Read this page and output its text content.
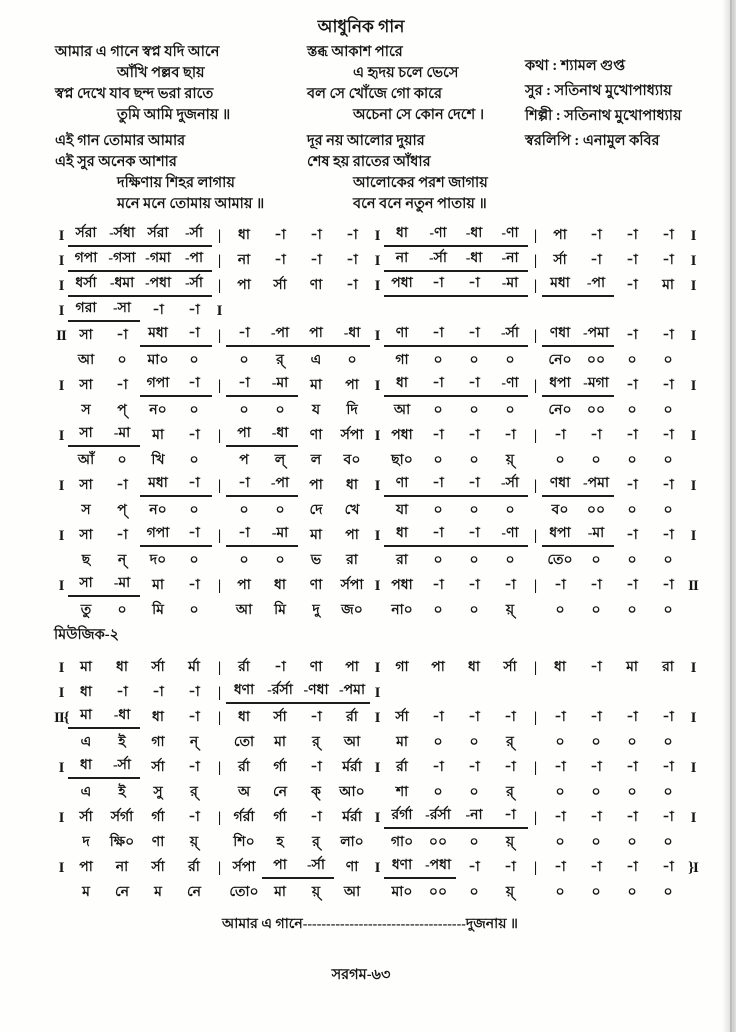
আধুনিক গান
আমার এ গানে স্বপ্ন যদি আনে
আঁখি পল্লব ছায়
স্বপ্ন দেখে যাব ছন্দ ভরা রাতে
তুমি আমি দুজনায় ॥
এই গান তোমার আমার
এই সুর অনেক আশার
দক্ষিণায় শিহর লাগায়
মনে মনে তোমায় আমায় ॥
স্তব্ধ আকাশ পারে
এ হৃদয় চলে ভেসে
বল সে খোঁজে গো কারে
অচেনা সে কোন দেশে ।
দূর নয় আলোর দুয়ার
শেষ হয় রাতের আঁধার
আলোকের পরশ জাগায়
বনে বনে নতুন পাতায় ॥
কথা : শ্যামল গুপ্ত
সুর : সতিনাথ মুখোপাধ্যায়
শিল্পী : সতিনাথ মুখোপাধ্যায়
স্বরলিপি : এনামুল কবির
I র্সরা -র্সধা র্সরা	-র্সা |	ধা	-া	-া	-া	I	ধা	-ণা	-ধা	-ণা	|	পা	-া	-া	-া	I
I গপা -গসা -গমা	-পা |	না	-া	-া	-া	I	না	-র্সা	-ধা	-না	|	র্সা	-া	-া	-া	I
I ধর্সা -ধমা -পধা -র্সা |	পা	র্সা	ণা	-া	I পধা	-া	-া	-মা	|	মধা	-পা	-া	মা	I
I গরা	-সা	-া	-া	I
II সা	-া	মধা	-া	|	-া	-পা	পা	-ধা I	ণা	-া	-া	-র্সা | ণধা -পমা	-া	-া	I
আ	০	মা০	০	০	র্	এ	০	গা	০	০	০	নে০	০০	০	০
I	সা	-া	গপা	-া	|	-া	-মা	মা	পা	I	ধা	-া	-া	-ণা	| ধপা -মগা	-া	-া	I
স	প্	ন০	০	০	০	য	দি	আ	০	০	০	নে০	০০	০	০
I	সা	-মা	মা	-া	|	পা	-ধা	ণা	র্সপা I পধা	-া	-া	-া	|	-া	-া	-া	-া	I
আঁ	০	খি	০	প	ল্	ল	ব০	ছা০	০	০	য়্	০	০	০	০
I	সা	-া	মধা	-া	|	-া	-পা	পা	ধা	I	ণা	-া	-া	-র্সা | ণধা -পমা	-া	-া	I
স	প্	ন০	০	০	০	দে	খে	যা	০	০	০	ব০	০০	০	০
I	সা	-া	গপা	-া	|	-া	-মা	মা	পা	I	ধা	-া	-া	-ণা	| ধপা	-মা	-া	-া	I
ছ	ন্	দ০	০	০	০	ভ	রা	রা	০	০	০	তে০	০	০	০
I	সা	-মা	মা	-া	|	পা	ধা	ণা	র্সপা I পধা	-া	-া	-া	|	-া	-া	-া	-া II
তু	০	মি	০	আ	মি	দু	জ০	না০	০	০	য়্	০	০	০	০
মিউজিক-২
I	মা	ধা	র্সা	র্মা	|	র্রা	-া	ণা	পা	I	গা	পা	ধা	র্সা	|	ধা	-া	মা	রা	I
I	ধা	-া	-া	-া	| ধণা -র্রর্সা -ণধা -পমা I
II{ মা	-ধা	ধা	-া	|	ধা	র্সা	-া	র্রা	I	র্সা	-া	-া	-া	|	-া	-া	-া	-া	I
এ	ই	গা	ন্	তো	মা	র্	আ	মা	০	০	র্	০	০	০	০
I	ধা	-র্সা	র্সা	-া	|	র্রা	র্গা	-া	র্মর্রা I	র্রা	-া	-া	-া	|	-া	-া	-া	-া	I
এ	ই	সু	র্	অ	নে	ক্	আ০	শা	০	০	র্	০	০	০	০
I	র্সা	র্সর্গা	র্গা	-া	| র্গর্রা	র্গা	-া	র্মর্রা I র্রর্গা -র্রর্সা	-না	-া	|	-া	-া	-া	-া	I
দ	ক্ষি০	ণা	য়্	শি০	হ	র্	লা০	গা০	০০	০	য়্	০	০	০	০
I	পা	না	র্সা	র্রা	| র্সপা	পা	-র্সা	ণা	I ধণা -পধা	-া	-া	|	-া	-া	-া	-া }I
ম	নে	ম	নে	তো০	মা	য়্	আ	মা০	০০	০	য়্	০	০	০	০
আমার এ গানে-----------------------------------দুজনায় ॥
সরগম-৬৩
